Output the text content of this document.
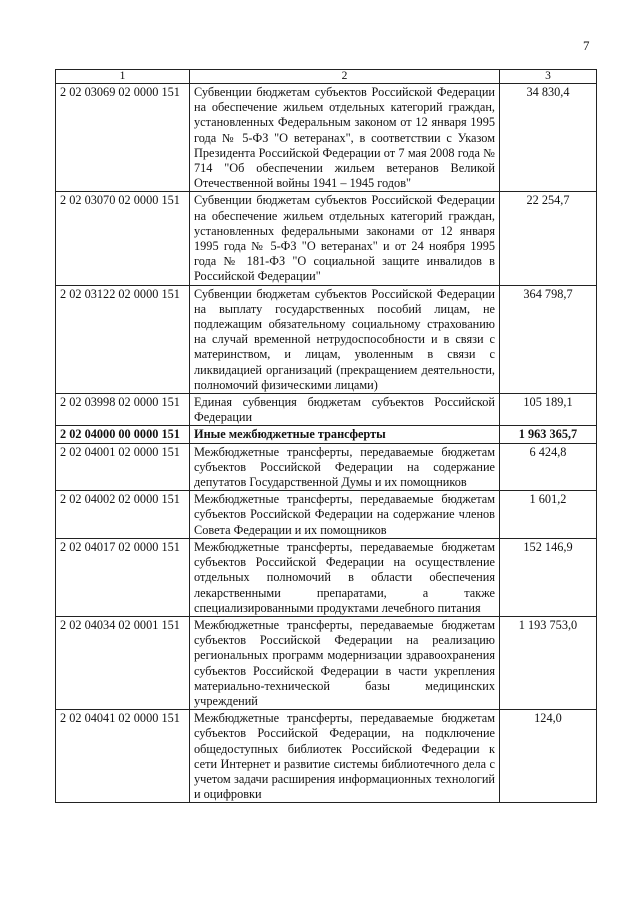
7
1	2	3
2 02 03069 02 0000 151	Субвенции бюджетам субъектов Российской Федерации на обеспечение жильем отдельных категорий граждан, установленных Федеральным законом от 12 января 1995 года № 5-ФЗ "О ветеранах", в соответствии с Указом Президента Российской Федерации от 7 мая 2008 года № 714 "Об обеспечении жильем ветеранов Великой Отечественной войны 1941 – 1945 годов"	34 830,4
2 02 03070 02 0000 151	Субвенции бюджетам субъектов Российской Федерации на обеспечение жильем отдельных категорий граждан, установленных федеральными законами от 12 января 1995 года № 5-ФЗ "О ветеранах" и от 24 ноября 1995 года № 181-ФЗ "О социальной защите инвалидов в Российской Федерации"	22 254,7
2 02 03122 02 0000 151	Субвенции бюджетам субъектов Российской Федерации на выплату государственных пособий лицам, не подлежащим обязательному социальному страхованию на случай временной нетрудоспособности и в связи с материнством, и лицам, уволенным в связи с ликвидацией организаций (прекращением деятельности, полномочий физическими лицами)	364 798,7
2 02 03998 02 0000 151	Единая субвенция бюджетам субъектов Российской Федерации	105 189,1
2 02 04000 00 0000 151	Иные межбюджетные трансферты	1 963 365,7
2 02 04001 02 0000 151	Межбюджетные трансферты, передаваемые бюджетам субъектов Российской Федерации на содержание депутатов Государственной Думы и их помощников	6 424,8
2 02 04002 02 0000 151	Межбюджетные трансферты, передаваемые бюджетам субъектов Российской Федерации на содержание членов Совета Федерации и их помощников	1 601,2
2 02 04017 02 0000 151	Межбюджетные трансферты, передаваемые бюджетам субъектов Российской Федерации на осуществление отдельных полномочий в области обеспечения лекарственными препаратами, а также специализированными продуктами лечебного питания	152 146,9
2 02 04034 02 0001 151	Межбюджетные трансферты, передаваемые бюджетам субъектов Российской Федерации на реализацию региональных программ модернизации здравоохранения субъектов Российской Федерации в части укрепления материально-технической базы медицинских учреждений	1 193 753,0
2 02 04041 02 0000 151	Межбюджетные трансферты, передаваемые бюджетам субъектов Российской Федерации, на подключение общедоступных библиотек Российской Федерации к сети Интернет и развитие системы библиотечного дела с учетом задачи расширения информационных технологий и оцифровки	124,0
